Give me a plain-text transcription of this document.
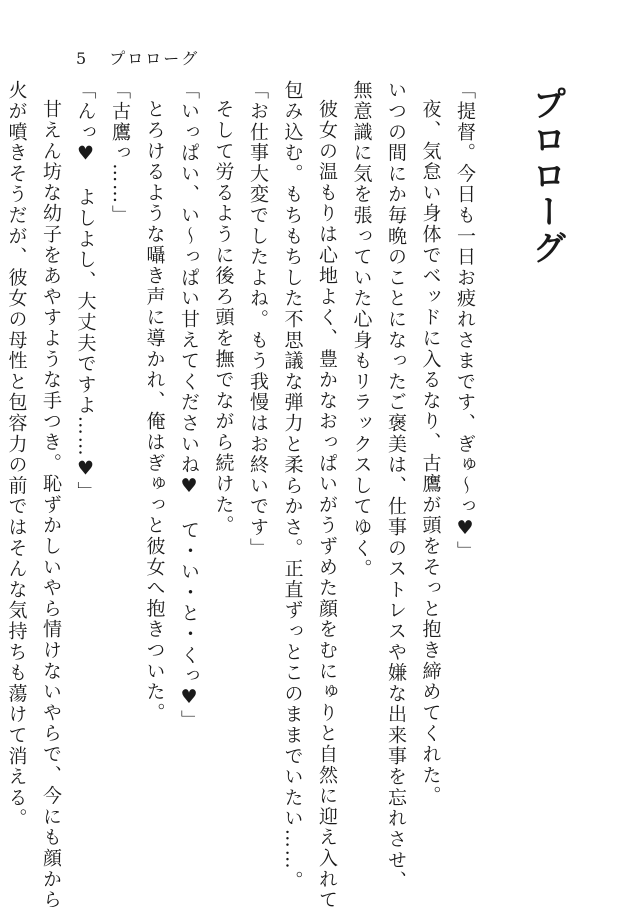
5 プロローグ
プロローグ

「提督。今日も一日お疲れさまです、ぎゅ〜っ♥」

夜、気怠い身体でベッドに入るなり、古鷹が頭をそっと抱き締めてくれた。

いつの間にか毎晩のことになったご褒美は、仕事のストレスや嫌な出来事を忘れさせ、

無意識に気を張っていた心身もリラックスしてゆく。

彼女の温もりは心地よく、豊かなおっぱいがうずめた顔をむにゅりと自然に迎え入れて

包み込む。もちもちした不思議な弾力と柔らかさ。正直ずっとこのままでいたい……。

「お仕事大変でしたよね。もう我慢はお終いです」

そして労るように後ろ頭を撫でながら続けた。

「いっぱい、い〜っぱい甘えてくださいね♥　て・い・と・くっ♥」

とろけるような囁き声に導かれ、俺はぎゅっと彼女へ抱きついた。

「古鷹っ……」

「んっ♥　よしよし、大丈夫ですよ……♥」

甘えん坊な幼子をあやすような手つき。恥ずかしいやら情けないやらで、今にも顔から

火が噴きそうだが、彼女の母性と包容力の前ではそんな気持ちも蕩けて消える。
